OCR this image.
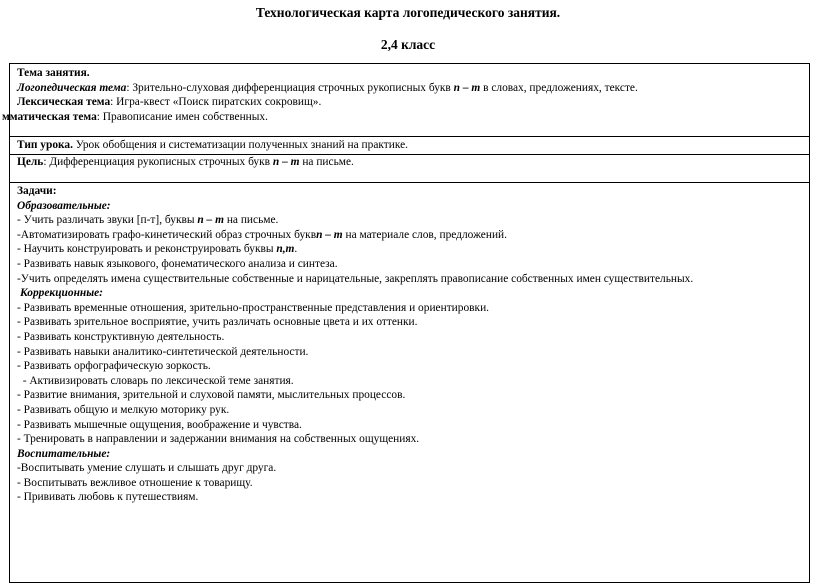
Технологическая карта логопедического занятия.
2,4 класс
Тема занятия.
Логопедическая тема: Зрительно-слуховая дифференциация строчных рукописных букв п – т в словах, предложениях, тексте.
Лексическая тема: Игра-квест «Поиск пиратских сокровищ».
мматическая тема: Правописание имен собственных.
Тип урока. Урок обобщения и систематизации полученных знаний на практике.
Цель: Дифференциация рукописных строчных букв п – т на письме.
Задачи:
Образовательные:
- Учить различать звуки [п-т], буквы п – т на письме.
-Автоматизировать графо-кинетический образ строчных буквп – т на материале слов, предложений.
- Научить конструировать и реконструировать буквы п,т.
- Развивать навык языкового, фонематического анализа и синтеза.
-Учить определять имена существительные собственные и нарицательные, закреплять правописание собственных имен существительных.
Коррекционные:
- Развивать временные отношения, зрительно-пространственные представления и ориентировки.
- Развивать зрительное восприятие, учить различать основные цвета и их оттенки.
- Развивать конструктивную деятельность.
- Развивать навыки аналитико-синтетической деятельности.
- Развивать орфографическую зоркость.
- Активизировать словарь по лексической теме занятия.
- Развитие внимания, зрительной и слуховой памяти, мыслительных процессов.
- Развивать общую и мелкую моторику рук.
- Развивать мышечные ощущения, воображение и чувства.
- Тренировать в направлении и задержании внимания на собственных ощущениях.
Воспитательные:
-Воспитывать умение слушать и слышать друг друга.
- Воспитывать вежливое отношение к товарищу.
- Прививать любовь к путешествиям.
